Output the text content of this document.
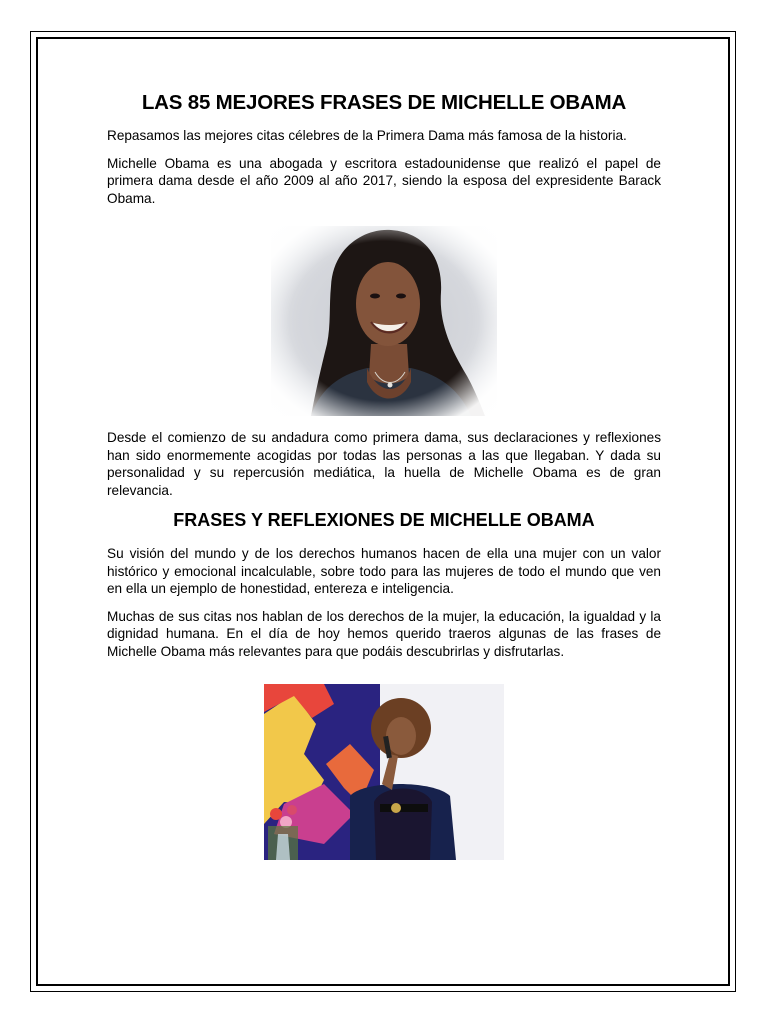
LAS 85 MEJORES FRASES DE MICHELLE OBAMA

Repasamos las mejores citas célebres de la Primera Dama más famosa de la historia.

Michelle Obama es una abogada y escritora estadounidense que realizó el papel de primera dama desde el año 2009 al año 2017, siendo la esposa del expresidente Barack Obama.

Desde el comienzo de su andadura como primera dama, sus declaraciones y reflexiones han sido enormemente acogidas por todas las personas a las que llegaban. Y dada su personalidad y su repercusión mediática, la huella de Michelle Obama es de gran relevancia.

FRASES Y REFLEXIONES DE MICHELLE OBAMA

Su visión del mundo y de los derechos humanos hacen de ella una mujer con un valor histórico y emocional incalculable, sobre todo para las mujeres de todo el mundo que ven en ella un ejemplo de honestidad, entereza e inteligencia.

Muchas de sus citas nos hablan de los derechos de la mujer, la educación, la igualdad y la dignidad humana. En el día de hoy hemos querido traeros algunas de las frases de Michelle Obama más relevantes para que podáis descubrirlas y disfrutarlas.
